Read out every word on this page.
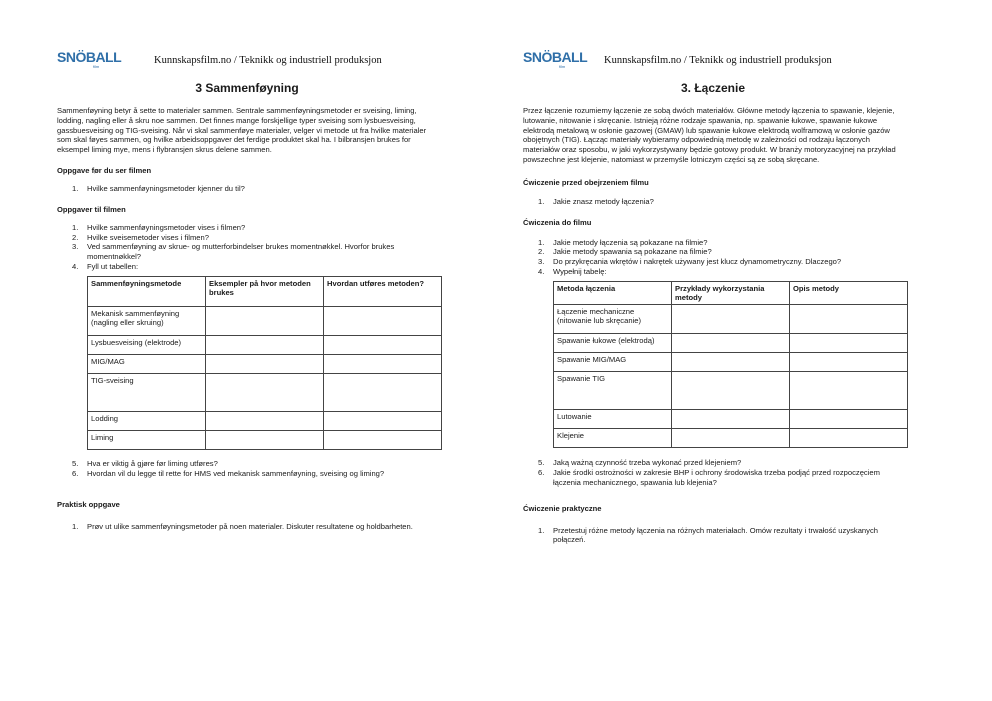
SNÖBALL
film
Kunnskapsfilm.no / Teknikk og industriell produksjon
3 Sammenføyning

Sammenføyning betyr å sette to materialer sammen. Sentrale sammenføyningsmetoder er sveising, liming, lodding, nagling eller å skru noe sammen. Det finnes mange forskjellige typer sveising som lysbuesveising, gassbuesveising og TIG-sveising. Når vi skal sammenføye materialer, velger vi metode ut fra hvilke materialer som skal føyes sammen, og hvilke arbeidsoppgaver det ferdige produktet skal ha. I bilbransjen brukes for eksempel liming mye, mens i flybransjen skrus delene sammen.

Oppgave før du ser filmen
1. Hvilke sammenføyningsmetoder kjenner du til?
Oppgaver til filmen
1. Hvilke sammenføyningsmetoder vises i filmen?
2. Hvilke sveisemetoder vises i filmen?
3. Ved sammenføyning av skrue- og mutterforbindelser brukes momentnøkkel. Hvorfor brukes momentnøkkel?
4. Fyll ut tabellen:
Sammenføyningsmetode	Eksempler på hvor metoden brukes	Hvordan utføres metoden?
Mekanisk sammenføyning (nagling eller skruing)		
Lysbuesveising (elektrode)		
MIG/MAG		
TIG-sveising		
Lodding		
Liming		
5. Hva er viktig å gjøre før liming utføres?
6. Hvordan vil du legge til rette for HMS ved mekanisk sammenføyning, sveising og liming?
Praktisk oppgave
1. Prøv ut ulike sammenføyningsmetoder på noen materialer. Diskuter resultatene og holdbarheten.
SNÖBALL
film
Kunnskapsfilm.no / Teknikk og industriell produksjon
3. Łączenie

Przez łączenie rozumiemy łączenie ze sobą dwóch materiałów. Główne metody łączenia to spawanie, klejenie, lutowanie, nitowanie i skręcanie. Istnieją różne rodzaje spawania, np. spawanie łukowe, spawanie łukowe elektrodą metalową w osłonie gazowej (GMAW) lub spawanie łukowe elektrodą wolframową w osłonie gazów obojętnych (TIG). Łącząc materiały wybieramy odpowiednią metodę w zależności od rodzaju łączonych materiałów oraz sposobu, w jaki wykorzystywany będzie gotowy produkt. W branży motoryzacyjnej na przykład powszechne jest klejenie, natomiast w przemyśle lotniczym części są ze sobą skręcane.

Ćwiczenie przed obejrzeniem filmu
1. Jakie znasz metody łączenia?
Ćwiczenia do filmu
1. Jakie metody łączenia są pokazane na filmie?
2. Jakie metody spawania są pokazane na filmie?
3. Do przykręcania wkrętów i nakrętek używany jest klucz dynamometryczny. Dlaczego?
4. Wypełnij tabelę:
Metoda łączenia	Przykłady wykorzystania metody	Opis metody
Łączenie mechaniczne (nitowanie lub skręcanie)		
Spawanie łukowe (elektrodą)		
Spawanie MIG/MAG		
Spawanie TIG		
Lutowanie		
Klejenie		
5. Jaką ważną czynność trzeba wykonać przed klejeniem?
6. Jakie środki ostrożności w zakresie BHP i ochrony środowiska trzeba podjąć przed rozpoczęciem łączenia mechanicznego, spawania lub klejenia?
Ćwiczenie praktyczne
1. Przetestuj różne metody łączenia na różnych materiałach. Omów rezultaty i trwałość uzyskanych połączeń.
